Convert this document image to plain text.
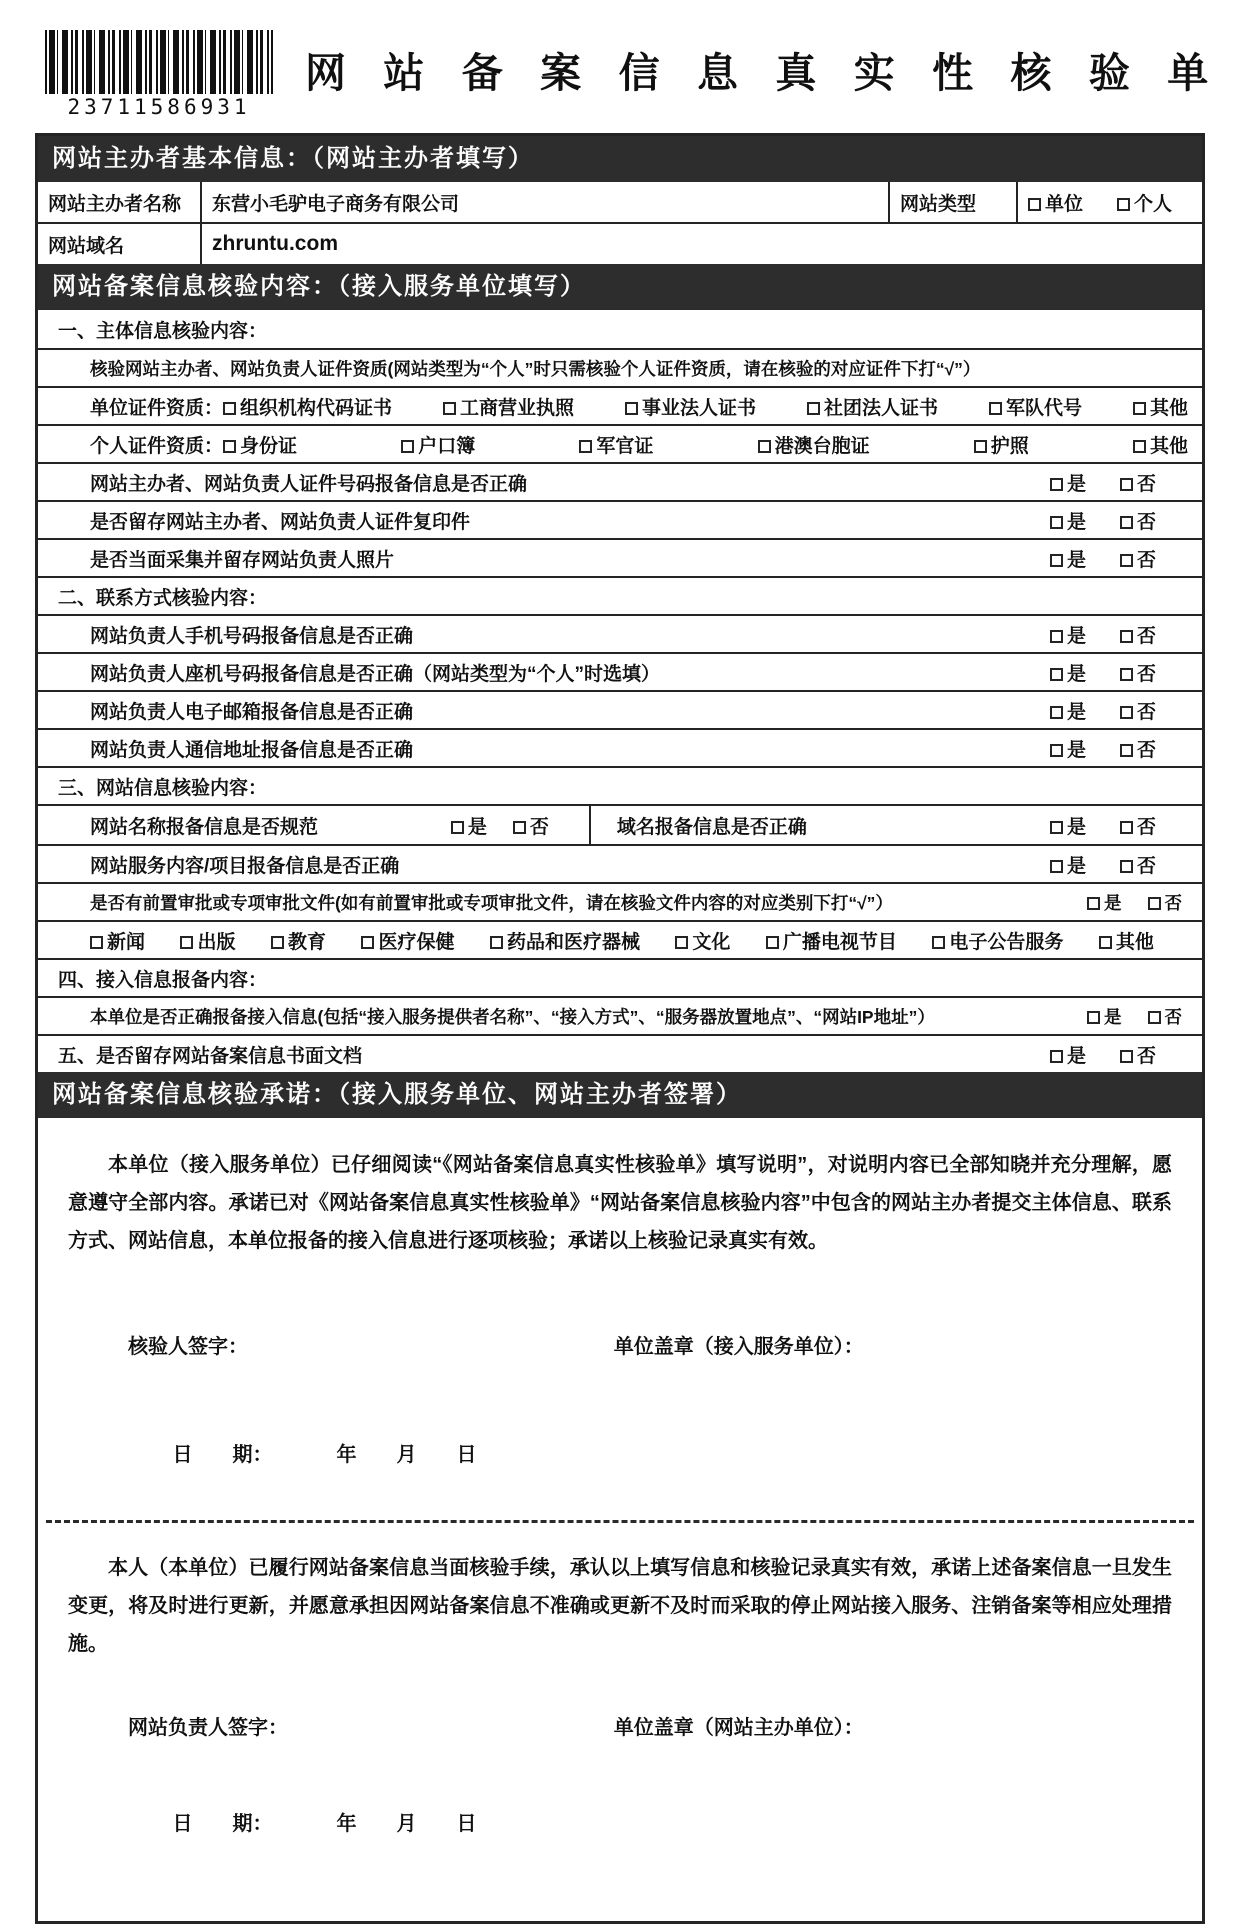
23711586931
网 站 备 案 信 息 真 实 性 核 验 单
网站主办者基本信息：（网站主办者填写）
网站主办者名称	东营小毛驴电子商务有限公司	网站类型	单位	个人
网站域名	zhruntu.com
网站备案信息核验内容：（接入服务单位填写）
一、主体信息核验内容：
核验网站主办者、网站负责人证件资质(网站类型为“个人”时只需核验个人证件资质，请在核验的对应证件下打“√”）
单位证件资质： 组织机构代码证书	工商营业执照	事业法人证书	社团法人证书	军队代号	其他
个人证件资质： 身份证	户口簿	军官证	港澳台胞证	护照	其他
网站主办者、网站负责人证件号码报备信息是否正确	是	否
是否留存网站主办者、网站负责人证件复印件	是	否
是否当面采集并留存网站负责人照片	是	否
二、联系方式核验内容：
网站负责人手机号码报备信息是否正确	是	否
网站负责人座机号码报备信息是否正确（网站类型为“个人”时选填）	是	否
网站负责人电子邮箱报备信息是否正确	是	否
网站负责人通信地址报备信息是否正确	是	否
三、网站信息核验内容：
网站名称报备信息是否规范	是	否	域名报备信息是否正确	是	否
网站服务内容/项目报备信息是否正确	是	否
是否有前置审批或专项审批文件(如有前置审批或专项审批文件，请在核验文件内容的对应类别下打“√”）	是	否
新闻	出版	教育	医疗保健	药品和医疗器械	文化	广播电视节目	电子公告服务	其他
四、接入信息报备内容：
本单位是否正确报备接入信息(包括“接入服务提供者名称”、“接入方式”、“服务器放置地点”、“网站IP地址”）	是	否
五、是否留存网站备案信息书面文档	是	否
网站备案信息核验承诺：（接入服务单位、网站主办者签署）

本单位（接入服务单位）已仔细阅读“《网站备案信息真实性核验单》填写说明”，对说明内容已全部知晓并充分理解，愿意遵守全部内容。承诺已对《网站备案信息真实性核验单》“网站备案信息核验内容”中包含的网站主办者提交主体信息、联系方式、网站信息，本单位报备的接入信息进行逐项核验；承诺以上核验记录真实有效。

核验人签字：	单位盖章（接入服务单位）：

日　　期：	年　　月　　日

本人（本单位）已履行网站备案信息当面核验手续，承认以上填写信息和核验记录真实有效，承诺上述备案信息一旦发生变更，将及时进行更新，并愿意承担因网站备案信息不准确或更新不及时而采取的停止网站接入服务、注销备案等相应处理措施。

网站负责人签字：	单位盖章（网站主办单位）：

日　　期：	年　　月　　日
